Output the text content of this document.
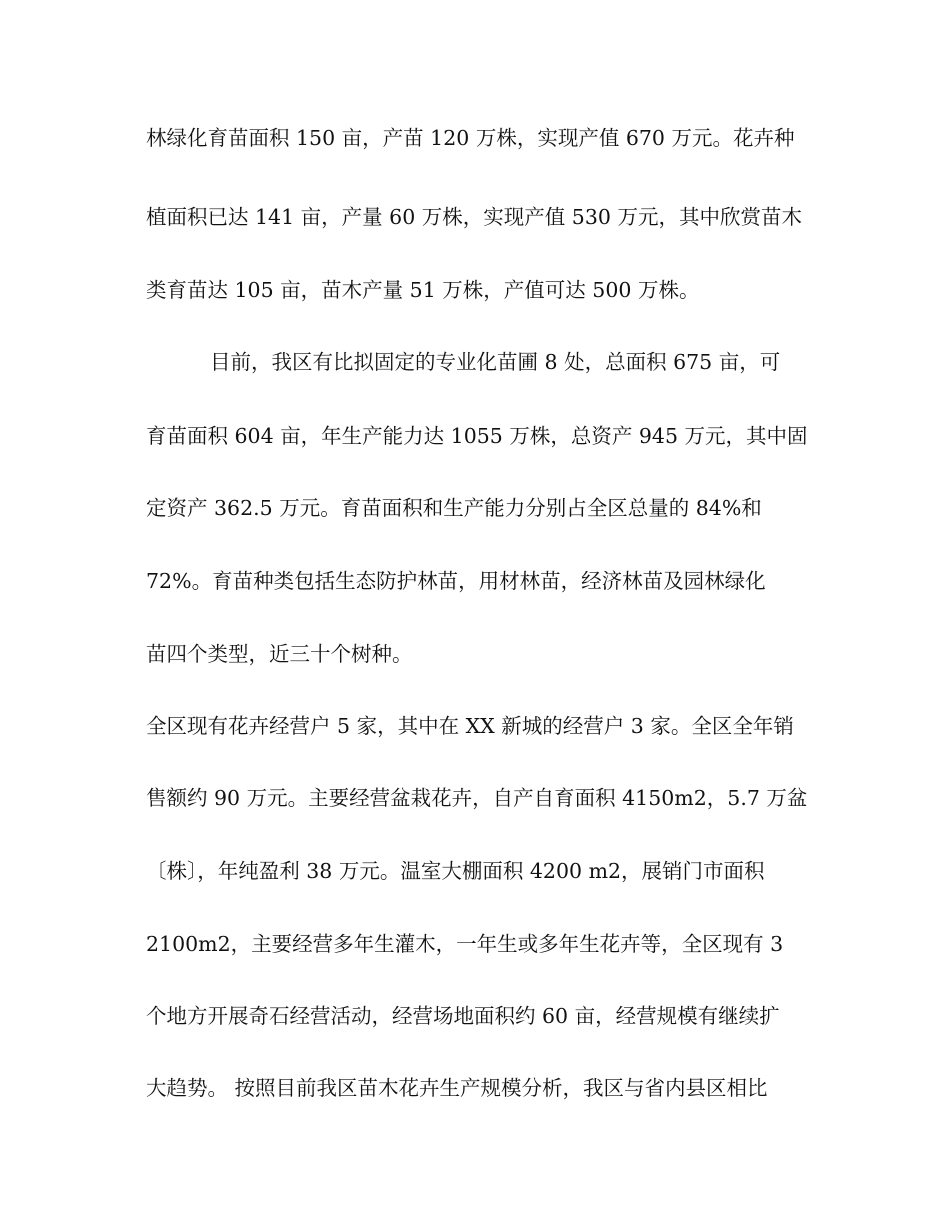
林绿化育苗面积 150 亩，产苗 120 万株，实现产值 670 万元。花卉种
植面积已达 141 亩，产量 60 万株，实现产值 530 万元，其中欣赏苗木
类育苗达 105 亩，苗木产量 51 万株，产值可达 500 万株。
目前，我区有比拟固定的专业化苗圃 8 处，总面积 675 亩，可
育苗面积 604 亩，年生产能力达 1055 万株，总资产 945 万元，其中固
定资产 362.5 万元。育苗面积和生产能力分别占全区总量的 84%和
72%。育苗种类包括生态防护林苗，用材林苗，经济林苗及园林绿化
苗四个类型，近三十个树种。
全区现有花卉经营户 5 家，其中在 XX 新城的经营户 3 家。全区全年销
售额约 90 万元。主要经营盆栽花卉，自产自育面积 4150m2，5.7 万盆
〔株〕，年纯盈利 38 万元。温室大棚面积 4200 m2，展销门市面积
2100m2，主要经营多年生灌木，一年生或多年生花卉等，全区现有 3
个地方开展奇石经营活动，经营场地面积约 60 亩，经营规模有继续扩
大趋势。 按照目前我区苗木花卉生产规模分析，我区与省内县区相比
